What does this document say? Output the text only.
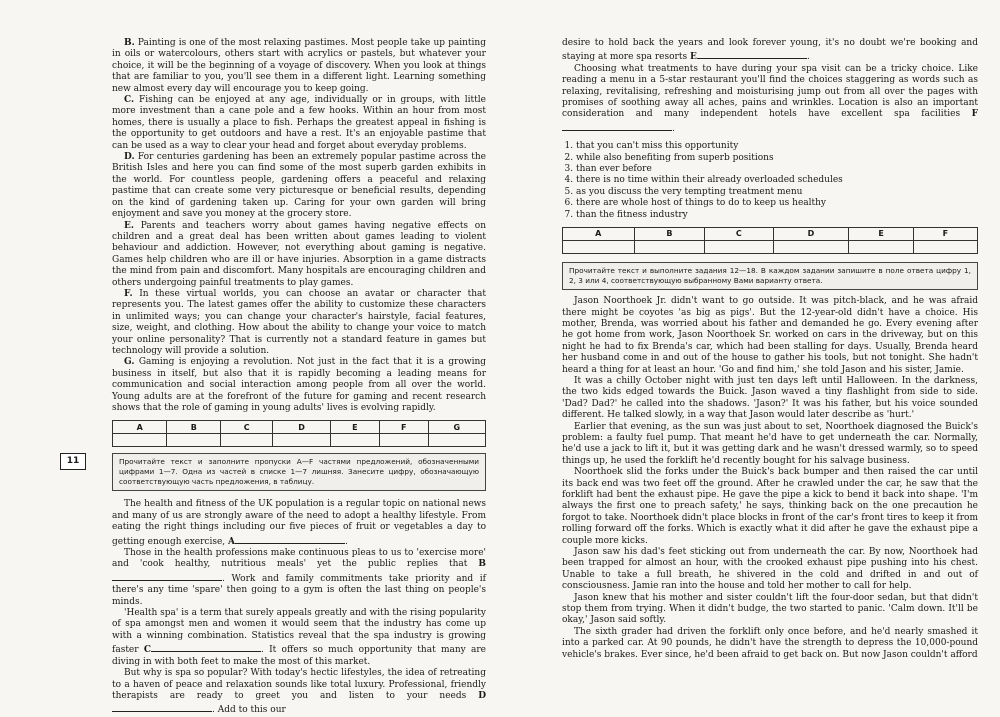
B. Painting is one of the most relaxing pastimes. Most people take up painting in oils or watercolours, others start with acrylics or pastels, but whatever your choice, it will be the beginning of a voyage of discovery. When you look at things that are familiar to you, you'll see them in a different light. Learning something new almost every day will encourage you to keep going.

C. Fishing can be enjoyed at any age, individually or in groups, with little more investment than a cane pole and a few hooks. Within an hour from most homes, there is usually a place to fish. Perhaps the greatest appeal in fishing is the opportunity to get outdoors and have a rest. It's an enjoyable pastime that can be used as a way to clear your head and forget about everyday problems.

D. For centuries gardening has been an extremely popular pastime across the British Isles and here you can find some of the most superb garden exhibits in the world. For countless people, gardening offers a peaceful and relaxing pastime that can create some very picturesque or beneficial results, depending on the kind of gardening taken up. Caring for your own garden will bring enjoyment and save you money at the grocery store.

E. Parents and teachers worry about games having negative effects on children and a great deal has been written about games leading to violent behaviour and addiction. However, not everything about gaming is negative. Games help children who are ill or have injuries. Absorption in a game distracts the mind from pain and discomfort. Many hospitals are encouraging children and others undergoing painful treatments to play games.

F. In these virtual worlds, you can choose an avatar or character that represents you. The latest games offer the ability to customize these characters in unlimited ways; you can change your character's hairstyle, facial features, size, weight, and clothing. How about the ability to change your voice to match your online personality? That is currently not a standard feature in games but technology will provide a solution.

G. Gaming is enjoying a revolution. Not just in the fact that it is a growing business in itself, but also that it is rapidly becoming a leading means for communication and social interaction among people from all over the world. Young adults are at the forefront of the future for gaming and recent research shows that the role of gaming in young adults' lives is evolving rapidly.

A	B	C	D	E	F	G

11	Прочитайте текст и заполните пропуски A—F частями предложений, обозначенными цифрами 1—7. Одна из частей в списке 1—7 лишняя. Занесите цифру, обозначающую соответствующую часть предложения, в таблицу.

The health and fitness of the UK population is a regular topic on national news and many of us are strongly aware of the need to adopt a healthy lifestyle. From eating the right things including our five pieces of fruit or vegetables a day to getting enough exercise, A	.

Those in the health professions make continuous pleas to us to 'exercise more' and 'cook healthy, nutritious meals' yet the public replies that B. Work and family commitments take priority and if there's any time 'spare' then going to a gym is often the last thing on people's minds.

'Health spa' is a term that surely appeals greatly and with the rising popularity of spa amongst men and women it would seem that the industry has come up with a winning combination. Statistics reveal that the spa industry is growing faster C	. It offers so much opportunity that many are diving in with both feet to make the most of this market.

But why is spa so popular? With today's hectic lifestyles, the idea of retreating to a haven of peace and relaxation sounds like total luxury. Professional, friendly therapists are ready to greet you and listen to your needs D. Add to this our

desire to hold back the years and look forever young, it's no doubt we're booking and staying at more spa resorts E	.

Choosing what treatments to have during your spa visit can be a tricky choice. Like reading a menu in a 5-star restaurant you'll find the choices staggering as words such as relaxing, revitalising, refreshing and moisturising jump out from all over the pages with promises of soothing away all aches, pains and wrinkles. Location is also an important consideration and many independent hotels have excellent spa facilities F.

1. that you can't miss this opportunity
2. while also benefiting from superb positions
3. than ever before
4. there is no time within their already overloaded schedules
5. as you discuss the very tempting treatment menu
6. there are whole host of things to do to keep us healthy
7. than the fitness industry
A	B	C	D	E	F

Прочитайте текст и выполните задания 12—18. В каждом задании запишите в поле ответа цифру 1, 2, 3 или 4, соответствующую выбранному Вами варианту ответа.

Jason Noorthoek Jr. didn't want to go outside. It was pitch-black, and he was afraid there might be coyotes 'as big as pigs'. But the 12-year-old didn't have a choice. His mother, Brenda, was worried about his father and demanded he go. Every evening after he got home from work, Jason Noorthoek Sr. worked on cars in the driveway, but on this night he had to fix Brenda's car, which had been stalling for days. Usually, Brenda heard her husband come in and out of the house to gather his tools, but not tonight. She hadn't heard a thing for at least an hour. 'Go and find him,' she told Jason and his sister, Jamie.

It was a chilly October night with just ten days left until Halloween. In the darkness, the two kids edged towards the Buick. Jason waved a tiny flashlight from side to side. 'Dad? Dad?' he called into the shadows. 'Jason?' It was his father, but his voice sounded different. He talked slowly, in a way that Jason would later describe as 'hurt.'

Earlier that evening, as the sun was just about to set, Noorthoek diagnosed the Buick's problem: a faulty fuel pump. That meant he'd have to get underneath the car. Normally, he'd use a jack to lift it, but it was getting dark and he wasn't dressed warmly, so to speed things up, he used the forklift he'd recently bought for his salvage business.

Noorthoek slid the forks under the Buick's back bumper and then raised the car until its back end was two feet off the ground. After he crawled under the car, he saw that the forklift had bent the exhaust pipe. He gave the pipe a kick to bend it back into shape. 'I'm always the first one to preach safety,' he says, thinking back on the one precaution he forgot to take. Noorthoek didn't place blocks in front of the car's front tires to keep it from rolling forward off the forks. Which is exactly what it did after he gave the exhaust pipe a couple more kicks.

Jason saw his dad's feet sticking out from underneath the car. By now, Noorthoek had been trapped for almost an hour, with the crooked exhaust pipe pushing into his chest. Unable to take a full breath, he shivered in the cold and drifted in and out of consciousness. Jamie ran into the house and told her mother to call for help.

Jason knew that his mother and sister couldn't lift the four-door sedan, but that didn't stop them from trying. When it didn't budge, the two started to panic. 'Calm down. It'll be okay,' Jason said softly.

The sixth grader had driven the forklift only once before, and he'd nearly smashed it into a parked car. At 90 pounds, he didn't have the strength to depress the 10,000-pound vehicle's brakes. Ever since, he'd been afraid to get back on. But now Jason couldn't afford
